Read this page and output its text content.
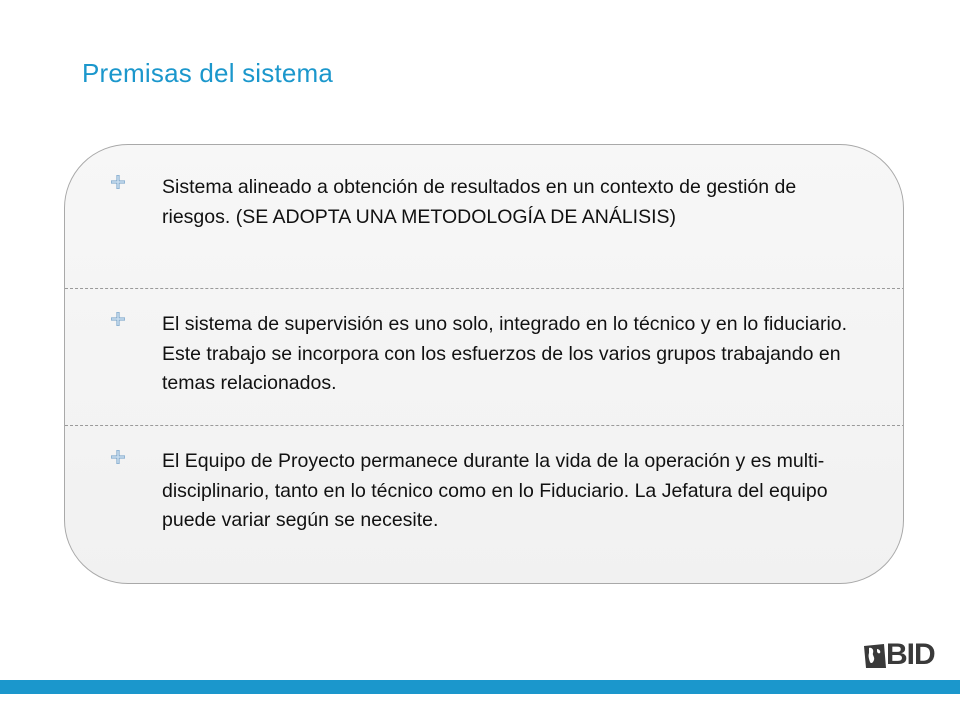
Premisas del sistema
Sistema alineado a obtención de resultados en un contexto de gestión de riesgos. (SE ADOPTA UNA METODOLOGÍA DE ANÁLISIS)
El sistema de supervisión es uno solo, integrado en lo técnico y en lo fiduciario. Este trabajo se incorpora con los esfuerzos de los varios grupos trabajando en temas relacionados.
El Equipo de Proyecto permanece durante la vida de la operación y es multi-disciplinario, tanto en lo técnico como en lo Fiduciario. La Jefatura del equipo puede variar según se necesite.
BID
